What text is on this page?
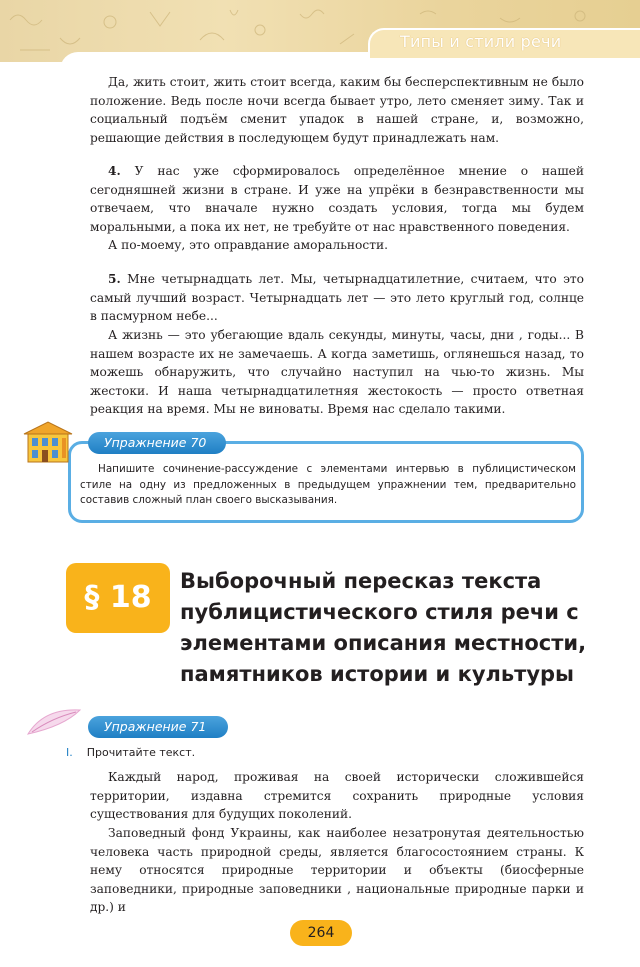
Типы и стили речи

Да, жить стоит, жить стоит всегда, каким бы бесперспективным не было положение. Ведь после ночи всегда бывает утро, лето сменяет зиму. Так и социальный подъём сменит упадок в нашей стране, и, возможно, решающие действия в последующем будут принадлежать нам.

4. У нас уже сформировалось определённое мнение о нашей сегодняшней жизни в стране. И уже на упрёки в безнравственности мы отвечаем, что вначале нужно создать условия, тогда мы будем моральными, а пока их нет, не требуйте от нас нравственного поведения.

А по-моему, это оправдание аморальности.

5. Мне четырнадцать лет. Мы, четырнадцатилетние, считаем, что это самый лучший возраст. Четырнадцать лет — это лето круглый год, солнце в пасмурном небе...

А жизнь — это убегающие вдаль секунды, минуты, часы, дни , годы... В нашем возрасте их не замечаешь. А когда заметишь, оглянешься назад, то можешь обнаружить, что случайно наступил на чью-то жизнь. Мы жестоки. И наша четырнадцатилетняя жестокость — просто ответная реакция на время. Мы не виноваты. Время нас сделало такими.

Упражнение 70

Напишите сочинение-рассуждение с элементами интервью в публицистическом стиле на одну из предложенных в предыдущем упражнении тем, предварительно составив сложный план своего высказывания.

§ 18	Выборочный пересказ текста публицистического стиля речи с элементами описания местности, памятников истории и культуры

Упражнение 71
I. Прочитайте текст.

Каждый народ, проживая на своей исторически сложившейся территории, издавна стремится сохранить природные условия существования для будущих поколений.

Заповедный фонд Украины, как наиболее незатронутая деятельностью человека часть природной среды, является благосостоянием страны. К нему относятся природные территории и объекты (биосферные заповедники, природные заповедники , национальные природные парки и др.) и

264
